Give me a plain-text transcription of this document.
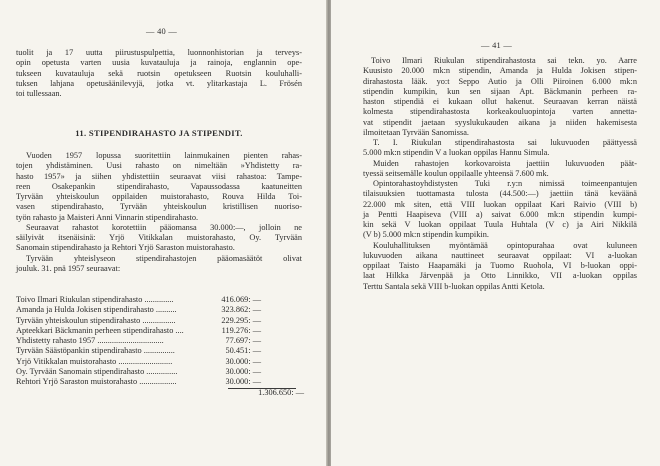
— 40 —
tuolit ja 17 uutta piirustuspulpettia, luonnonhistorian ja terveys-
opin opetusta varten uusia kuvatauluja ja rainoja, englannin ope-
tukseen kuvatauluja sekä ruotsin opetukseen Ruotsin kouluhalli-
tuksen lahjana opetusäänilevyjä, jotka vt. ylitarkastaja L. Frösén
toi tullessaan.
11. STIPENDIRAHASTO JA STIPENDIT.
Vuoden 1957 lopussa suoritettiin lainmukainen pienten rahas-
tojen yhdistäminen. Uusi rahasto on nimeltään »Yhdistetty ra-
hasto 1957» ja siihen yhdistettiin seuraavat viisi rahastoa: Tampe-
reen Osakepankin stipendirahasto, Vapaussodassa kaatuneitten
Tyrvään yhteiskoulun oppilaiden muistorahasto, Rouva Hilda Toi-
vasen stipendirahasto, Tyrvään yhteiskoulun kristillisen nuoriso-
työn rahasto ja Maisteri Anni Vinnarin stipendirahasto.
Seuraavat rahastot korotettiin pääomansa 30.000:—, jolloin ne
säilyivät itsenäisinä: Yrjö Vitikkalan muistorahasto, Oy. Tyrvään
Sanomain stipendirahasto ja Rehtori Yrjö Saraston muistorahasto.
Tyrvään yhteislyseon stipendirahastojen pääomasäätöt olivat
jouluk. 31. pnä 1957 seuraavat:
Toivo Ilmari Riukulan stipendirahasto ..............	416.069: —
Amanda ja Hulda Jokisen stipendirahasto ..........	323.862: —
Tyrvään yhteiskoulun stipendirahasto ................	229.295: —
Apteekkari Bäckmanin perheen stipendirahasto ....	119.276: —
Yhdistetty rahasto 1957 ................................	77.697: —
Tyrvään Säästöpankin stipendirahasto ...............	50.451: —
Yrjö Vitikkalan muistorahasto ..........................	30.000: —
Oy. Tyrvään Sanomain stipendirahasto ...............	30.000: —
Rehtori Yrjö Saraston muistorahasto ..................	30.000: —
1.306.650: —
— 41 —
Toivo Ilmari Riukulan stipendirahastosta sai tekn. yo. Aarre
Kuusisto 20.000 mk:n stipendin, Amanda ja Hulda Jokisen stipen-
dirahastosta lääk. yo:t Seppo Autio ja Olli Piiroinen 6.000 mk:n
stipendin kumpikin, kun sen sijaan Apt. Bäckmanin perheen ra-
haston stipendiä ei kukaan ollut hakenut. Seuraavan kerran näistä
kolmesta stipendirahastosta korkeakouluopintoja varten annetta-
vat stipendit jaetaan syyslukukauden aikana ja niiden hakemisesta
ilmoitetaan Tyrvään Sanomissa.
T. I. Riukulan stipendirahastosta sai lukuvuoden päättyessä
5.000 mk:n stipendin V a luokan oppilas Hannu Simula.
Muiden rahastojen korkovaroista jaettiin lukuvuoden päät-
tyessä seitsemälle koulun oppilaalle yhteensä 7.600 mk.
Opintorahastoyhdistysten Tuki r.y:n nimissä toimeenpantujen
tilaisuuksien tuottamasta tulosta (44.500:—) jaettiin tänä keväänä
22.000 mk siten, että VIII luokan oppilaat Kari Raivio (VIII b)
ja Pentti Haapiseva (VIII a) saivat 6.000 mk:n stipendin kumpi-
kin sekä V luokan oppilaat Tuula Huhtala (V c) ja Airi Nikkilä
(V b) 5.000 mk:n stipendin kumpikin.
Kouluhallituksen myöntämää opintopurahaa ovat kuluneen
lukuvuoden aikana nauttineet seuraavat oppilaat: VI a-luokan
oppilaat Taisto Haapamäki ja Tuomo Ruohola, VI b-luokan oppi-
laat Hilkka Järvenpää ja Otto Linnikko, VII a-luokan oppilas
Terttu Santala sekä VIII b-luokan oppilas Antti Ketola.
